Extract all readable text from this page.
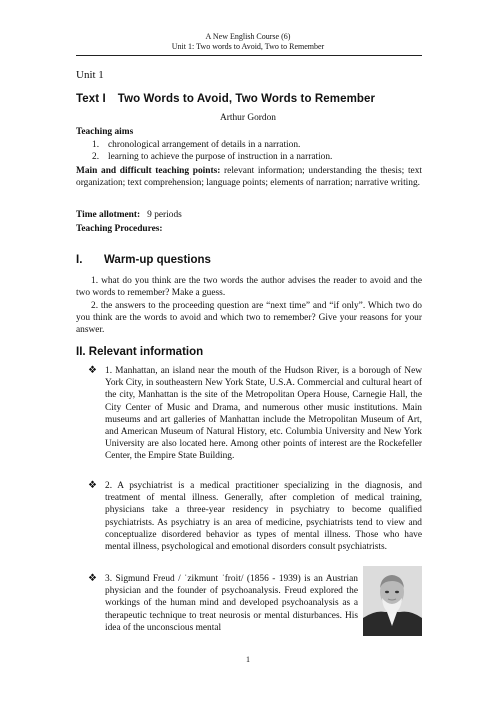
A New English Course (6)
Unit 1: Two words to Avoid, Two to Remember
Unit 1
Text I Two Words to Avoid, Two Words to Remember
Arthur Gordon
Teaching aims
1. chronological arrangement of details in a narration.
2. learning to achieve the purpose of instruction in a narration.
Main and difficult teaching points: relevant information; understanding the thesis; text organization; text comprehension; language points; elements of narration; narrative writing.
Time allotment: 9 periods
Teaching Procedures:
I. Warm-up questions
1. what do you think are the two words the author advises the reader to avoid and the two words to remember? Make a guess.
2. the answers to the proceeding question are “next time” and “if only”. Which two do you think are the words to avoid and which two to remember? Give your reasons for your answer.
II. Relevant information
❖ 1. Manhattan, an island near the mouth of the Hudson River, is a borough of New York City, in southeastern New York State, U.S.A. Commercial and cultural heart of the city, Manhattan is the site of the Metropolitan Opera House, Carnegie Hall, the City Center of Music and Drama, and numerous other music institutions. Main museums and art galleries of Manhattan include the Metropolitan Museum of Art, and American Museum of Natural History, etc. Columbia University and New York University are also located here. Among other points of interest are the Rockefeller Center, the Empire State Building.
❖ 2. A psychiatrist is a medical practitioner specializing in the diagnosis, and treatment of mental illness. Generally, after completion of medical training, physicians take a three-year residency in psychiatry to become qualified psychiatrists. As psychiatry is an area of medicine, psychiatrists tend to view and conceptualize disordered behavior as types of mental illness. Those who have mental illness, psychological and emotional disorders consult psychiatrists.
❖ 3. Sigmund Freud / ˈzikmunt ˈfroit/ (1856 - 1939) is an Austrian physician and the founder of psychoanalysis. Freud explored the workings of the human mind and developed psychoanalysis as a therapeutic technique to treat neurosis or mental disturbances. His idea of the unconscious mental
1
